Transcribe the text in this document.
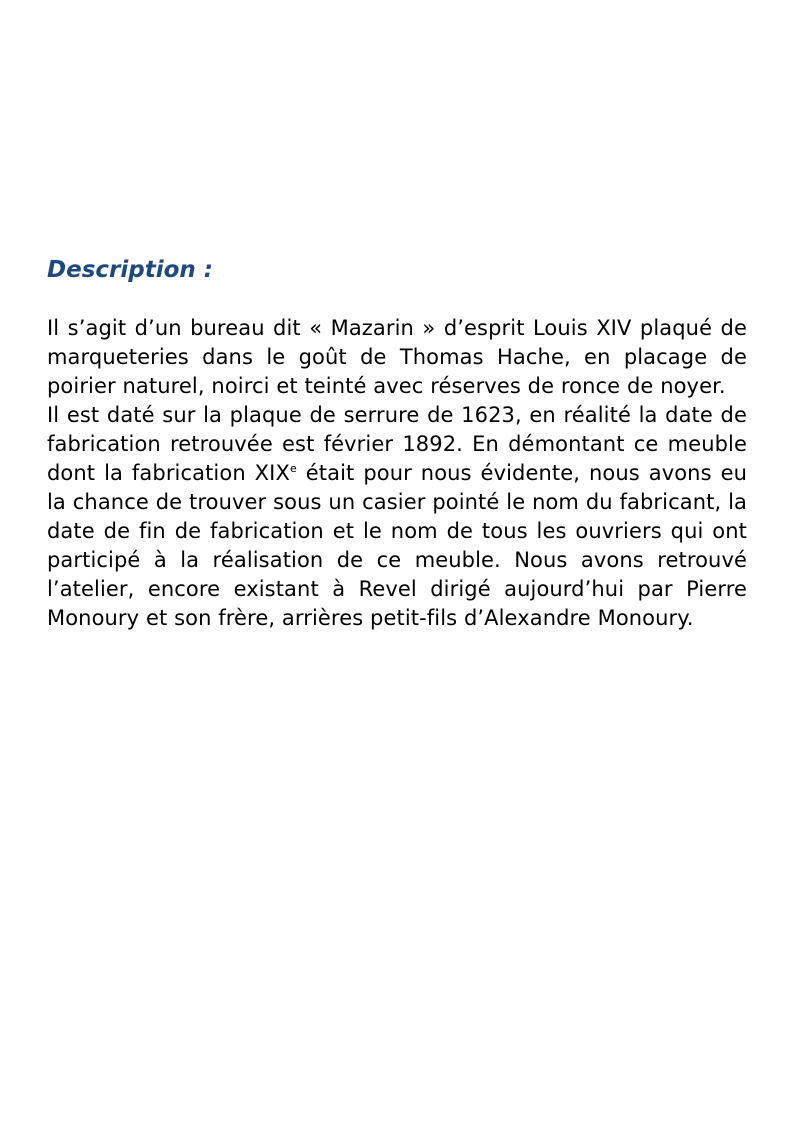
Description :

Il s’agit d’un bureau dit « Mazarin » d’esprit Louis XIV plaqué de marqueteries dans le goût de Thomas Hache, en placage de poirier naturel, noirci et teinté avec réserves de ronce de noyer.

Il est daté sur la plaque de serrure de 1623, en réalité la date de fabrication retrouvée est février 1892. En démontant ce meuble dont la fabrication XIXe était pour nous évidente, nous avons eu la chance de trouver sous un casier pointé le nom du fabricant, la date de fin de fabrication et le nom de tous les ouvriers qui ont participé à la réalisation de ce meuble. Nous avons retrouvé l’atelier, encore existant à Revel dirigé aujourd’hui par Pierre Monoury et son frère, arrières petit-fils d’Alexandre Monoury.
